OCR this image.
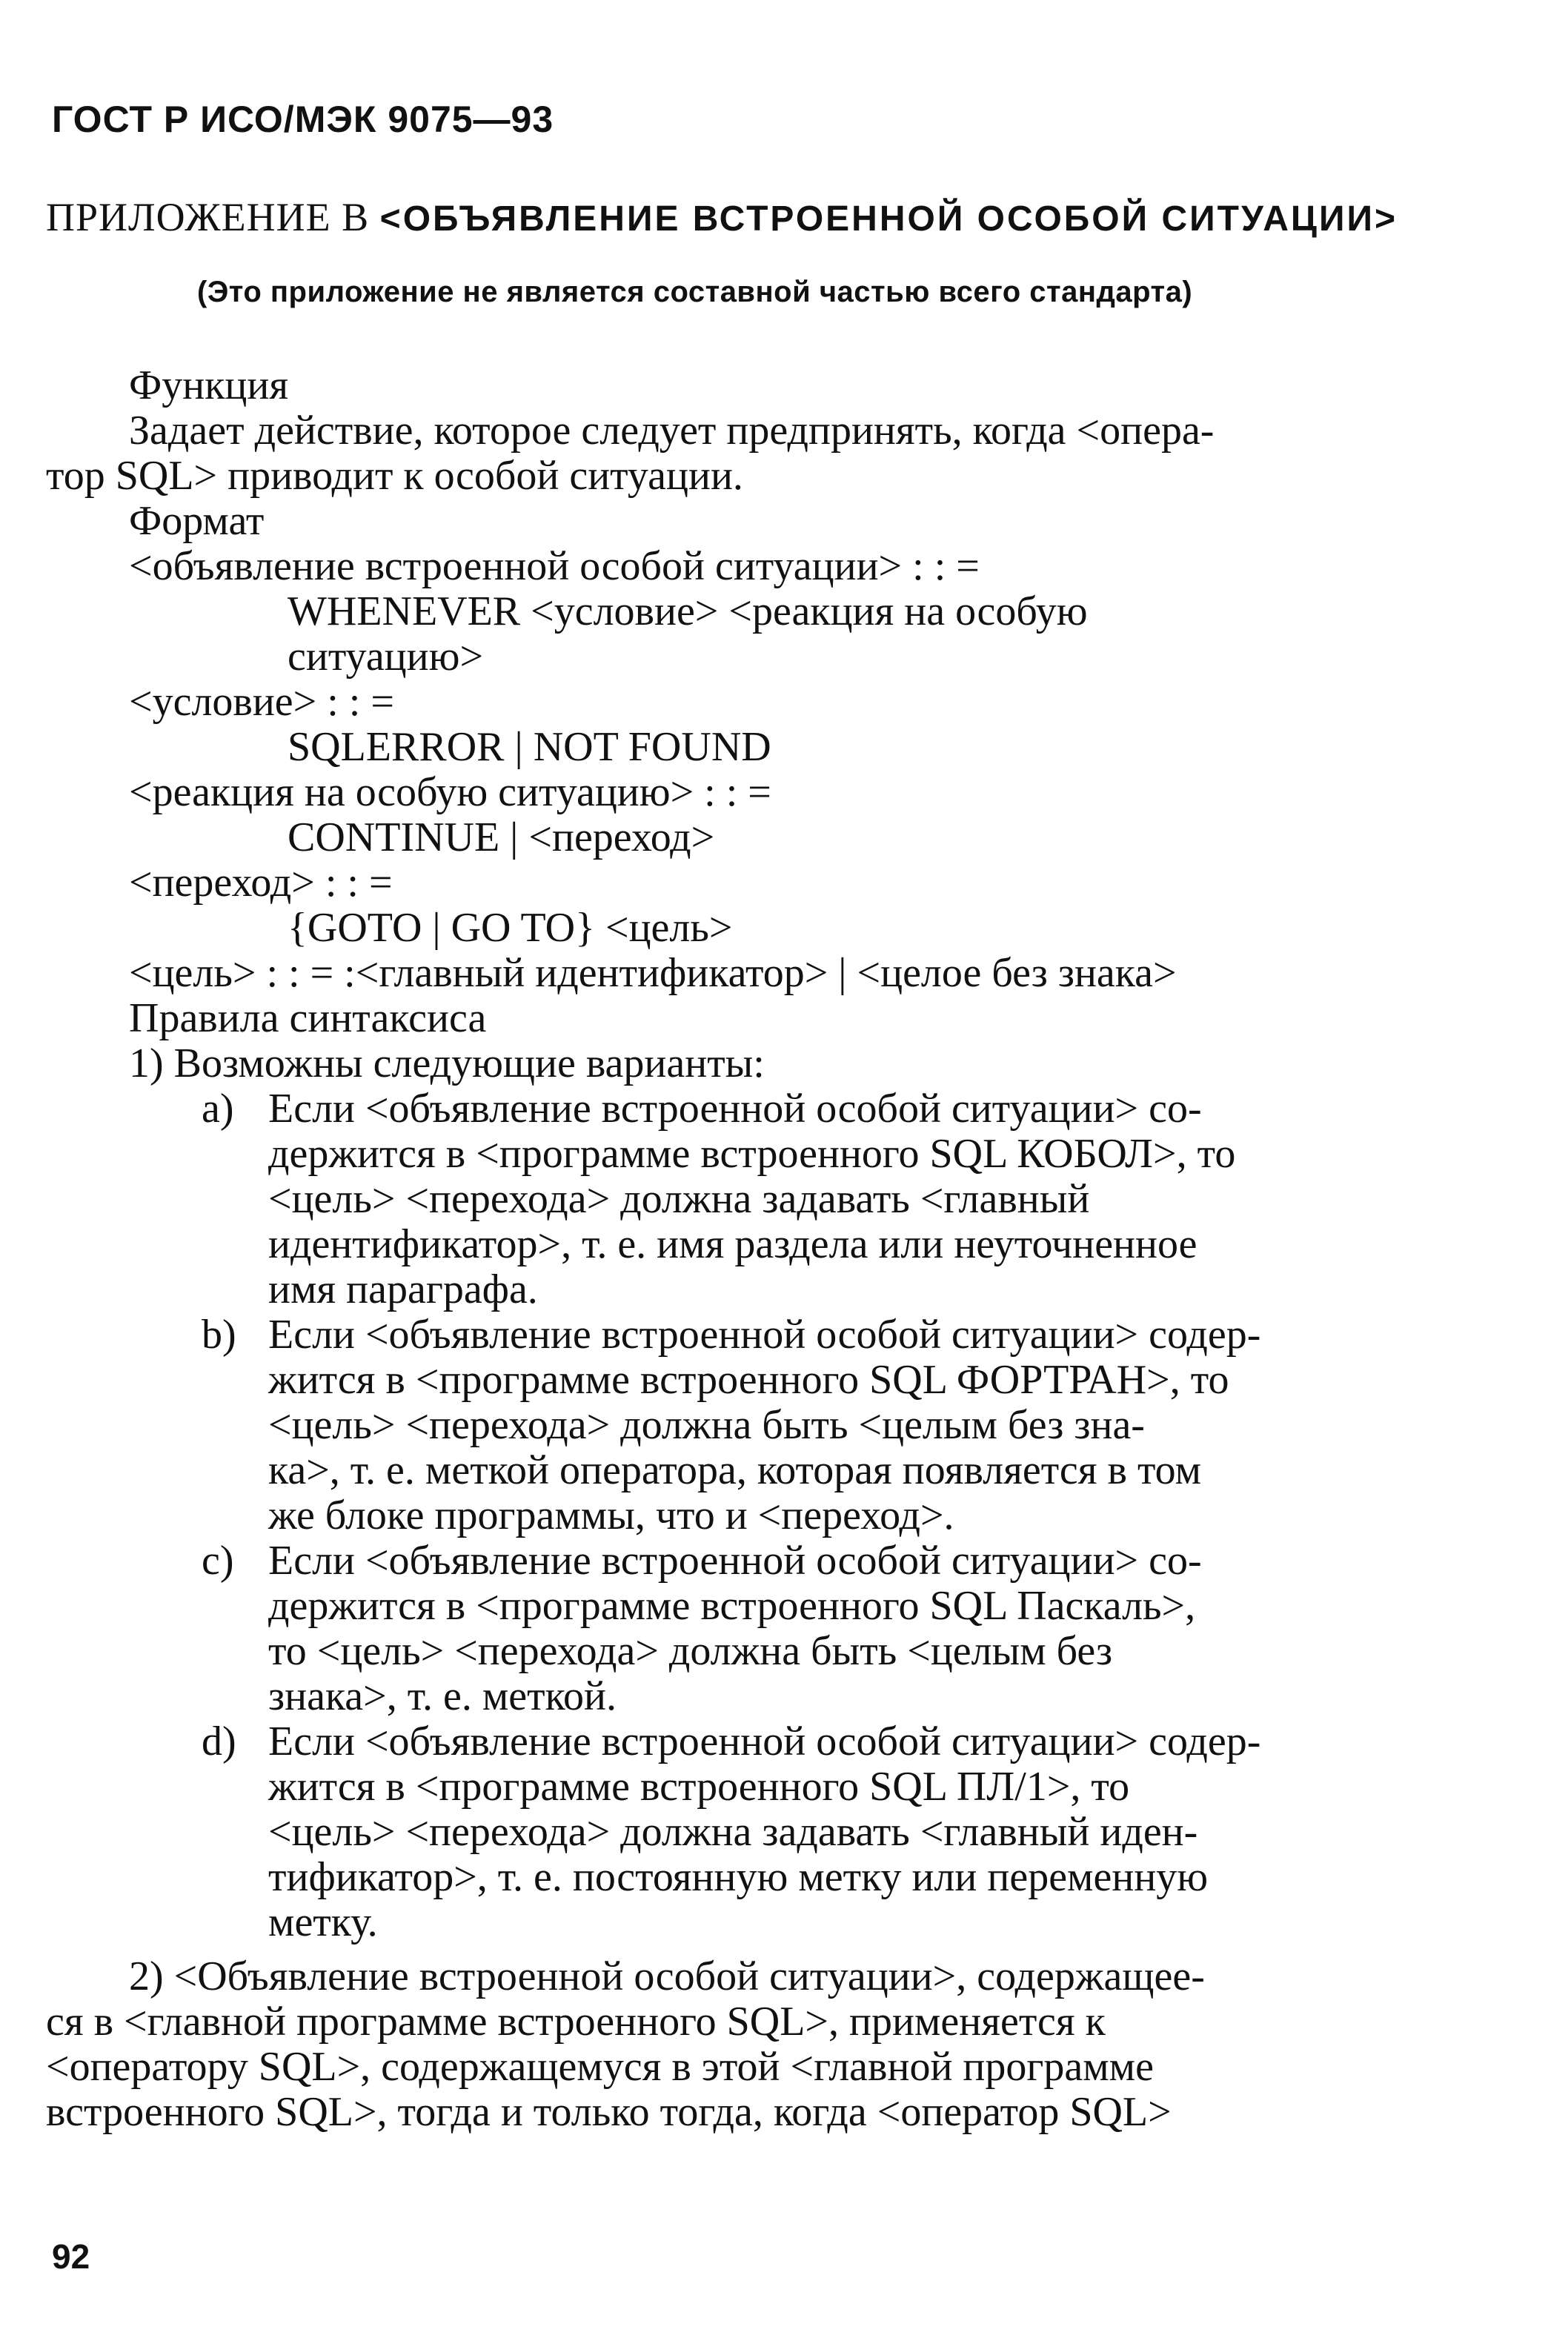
ГОСТ Р ИСО/МЭК 9075—93

ПРИЛОЖЕНИЕ В <ОБЪЯВЛЕНИЕ ВСТРОЕННОЙ ОСОБОЙ СИТУАЦИИ>

(Это приложение не является составной частью всего стандарта)

Функция
Задает действие, которое следует предпринять, когда <опера-
тор SQL> приводит к особой ситуации.
Формат
<объявление встроенной особой ситуации> : : =
WHENEVER <условие> <реакция на особую
ситуацию>
<условие> : : =
SQLERROR | NOT FOUND
<реакция на особую ситуацию> : : =
CONTINUE | <переход>
<переход> : : =
{GOTO | GO TO} <цель>
<цель> : : = :<главный идентификатор> | <целое без знака>
Правила синтаксиса
1) Возможны следующие варианты:
a) Если <объявление встроенной особой ситуации> со-
держится в <программе встроенного SQL КОБОЛ>, то
<цель> <перехода> должна задавать <главный
идентификатор>, т. е. имя раздела или неуточненное
имя параграфа.
b) Если <объявление встроенной особой ситуации> содер-
жится в <программе встроенного SQL ФОРТРАН>, то
<цель> <перехода> должна быть <целым без зна-
ка>, т. е. меткой оператора, которая появляется в том
же блоке программы, что и <переход>.
c) Если <объявление встроенной особой ситуации> со-
держится в <программе встроенного SQL Паскаль>,
то <цель> <перехода> должна быть <целым без
знака>, т. е. меткой.
d) Если <объявление встроенной особой ситуации> содер-
жится в <программе встроенного SQL ПЛ/1>, то
<цель> <перехода> должна задавать <главный иден-
тификатор>, т. е. постоянную метку или переменную
метку.
2) <Объявление встроенной особой ситуации>, содержащее-
ся в <главной программе встроенного SQL>, применяется к
<оператору SQL>, содержащемуся в этой <главной программе
встроенного SQL>, тогда и только тогда, когда <оператор SQL>

92
